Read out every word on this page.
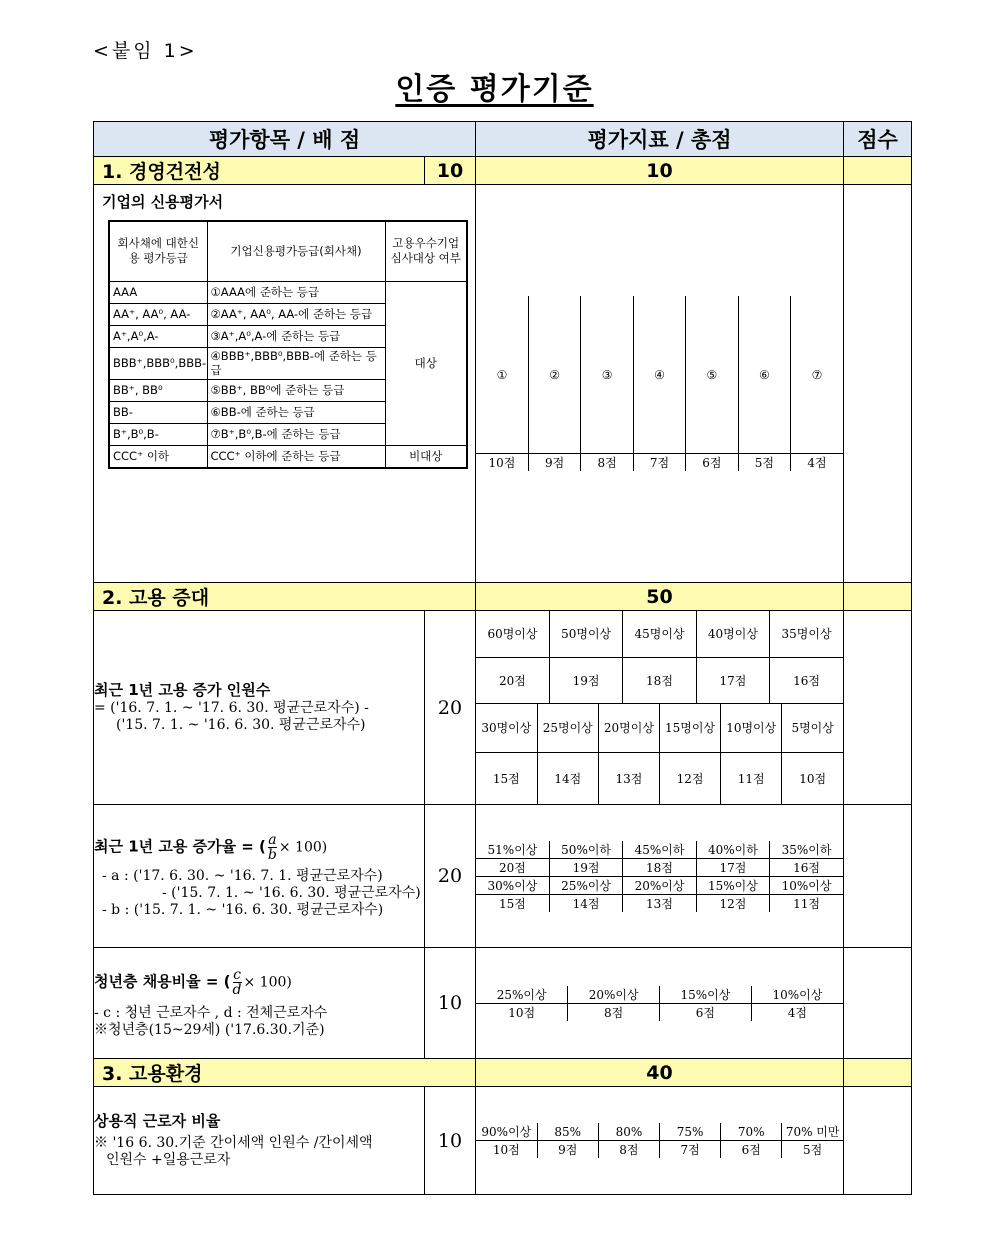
<붙임 1>
인증 평가기준
평가항목 / 배 점	평가지표 / 총점	점수
1. 경영건전성	10	10	

기업의 신용평가서
회사채에 대한신용 평가등급	기업신용평가등급(회사채)	고용우수기업 심사대상 여부
AAA	①AAA에 준하는 등급	대상
AA⁺, AA⁰, AA-	②AA⁺, AA⁰, AA-에 준하는 등급
A⁺,A⁰,A-	③A⁺,A⁰,A-에 준하는 등급
BBB⁺,BBB⁰,BBB-	④BBB⁺,BBB⁰,BBB-에 준하는 등급
BB⁺, BB⁰	⑤BB⁺, BB⁰에 준하는 등급
BB-	⑥BB-에 준하는 등급
B⁺,B⁰,B-	⑦B⁺,B⁰,B-에 준하는 등급
CCC⁺ 이하	CCC⁺ 이하에 준하는 등급	비대상

①	②	③	④	⑤	⑥	⑦
10점	9점	8점	7점	6점	5점	4점

2. 고용 증대	50	

최근 1년 고용 증가 인원수
= ('16. 7. 1. ~ '17. 6. 30. 평균근로자수) -
('15. 7. 1. ~ '16. 6. 30. 평균근로자수)
	20	
60명이상	50명이상	45명이상	40명이상	35명이상
20점	19점	18점	17점	16점

30명이상	25명이상	20명이상	15명이상	10명이상	5명이상
15점	14점	13점	12점	11점	10점

최근 1년 고용 증가율 = ( $\frac{a}{b} \times 100$)
- a : ('17. 6. 30. ~ '16. 7. 1. 평균근로자수)
- ('15. 7. 1. ~ '16. 6. 30. 평균근로자수)
- b : ('15. 7. 1. ~ '16. 6. 30. 평균근로자수)
	20	
51%이상	50%이하	45%이하	40%이하	35%이하
20점	19점	18점	17점	16점
30%이상	25%이상	20%이상	15%이상	10%이상
15점	14점	13점	12점	11점

청년층 채용비율 = ( $\frac{c}{d} \times 100$)
- c : 청년 근로자수 , d : 전체근로자수
※청년층(15~29세) ('17.6.30.기준)
	10		25%이상	20%이상	15%이상	10%이상
10점	8점	6점	4점

3. 고용환경	40	

상용직 근로자 비율
※ '16 6. 30.기준 간이세액 인원수 /간이세액
인원수 +일용근로자
	10	90%이상	85%	80%	75%	70%	70% 미만
10점	9점	8점	7점	6점	5점
